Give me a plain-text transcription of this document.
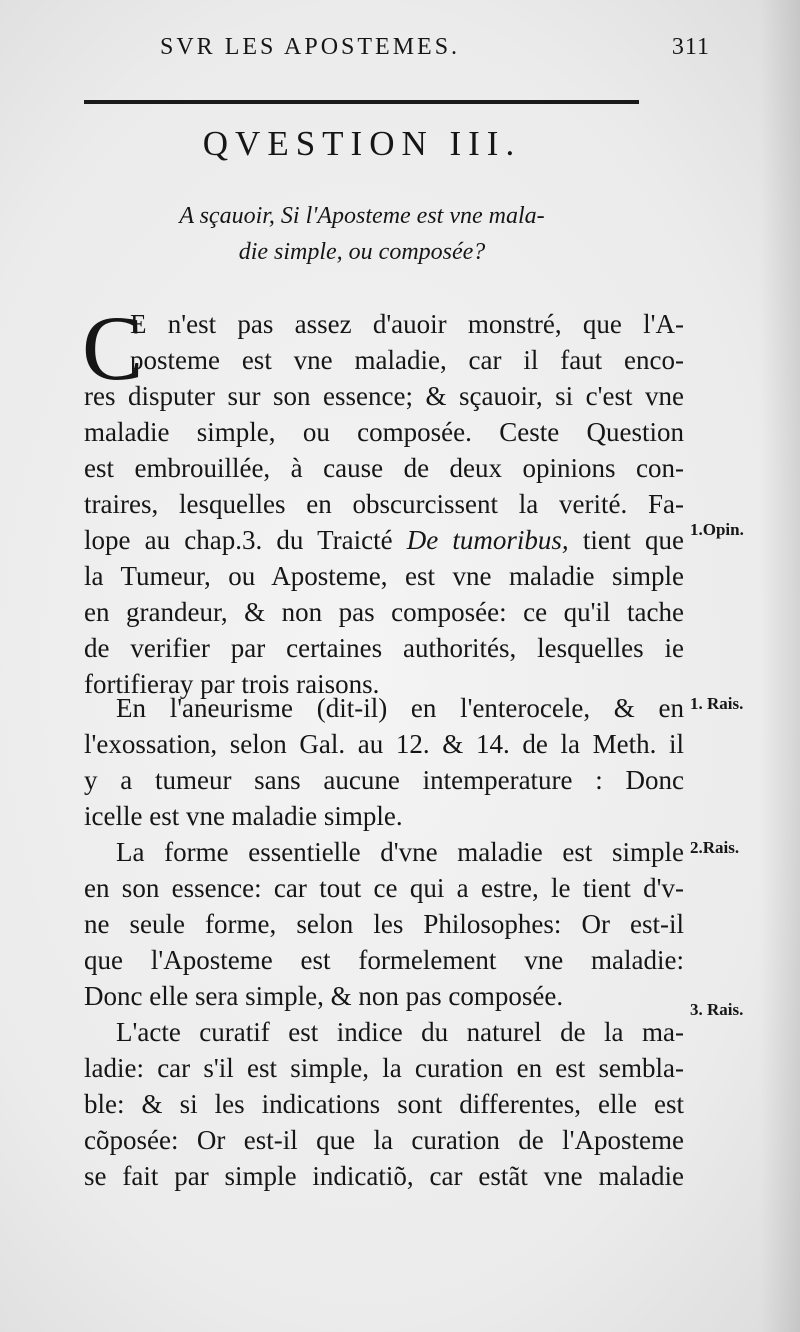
SVR LES APOSTEMES.	311
QVESTION III.
A sçauoir, Si l'Aposteme est vne mala-
die simple, ou composée?
C
E n'est pas assez d'auoir monstré, que l'A-
posteme est vne maladie, car il faut enco-
res disputer sur son essence; & sçauoir, si c'est vne
maladie simple, ou composée. Ceste Question
est embrouillée, à cause de deux opinions con-
traires, lesquelles en obscurcissent la verité. Fa-
lope au chap.3. du Traicté De tumoribus, tient que
la Tumeur, ou Aposteme, est vne maladie simple
en grandeur, & non pas composée: ce qu'il tache
de verifier par certaines authorités, lesquelles ie
fortifieray par trois raisons.
En l'aneurisme (dit-il) en l'enterocele, & en
l'exossation, selon Gal. au 12. & 14. de la Meth. il
y a tumeur sans aucune intemperature : Donc
icelle est vne maladie simple.
La forme essentielle d'vne maladie est simple
en son essence: car tout ce qui a estre, le tient d'v-
ne seule forme, selon les Philosophes: Or est-il
que l'Aposteme est formelement vne maladie:
Donc elle sera simple, & non pas composée.
L'acte curatif est indice du naturel de la ma-
ladie: car s'il est simple, la curation en est sembla-
ble: & si les indications sont differentes, elle est
cõposée: Or est-il que la curation de l'Aposteme
se fait par simple indicatiõ, car estãt vne maladie
1.Opin.
1. Rais.
2.Rais.
3. Rais.
